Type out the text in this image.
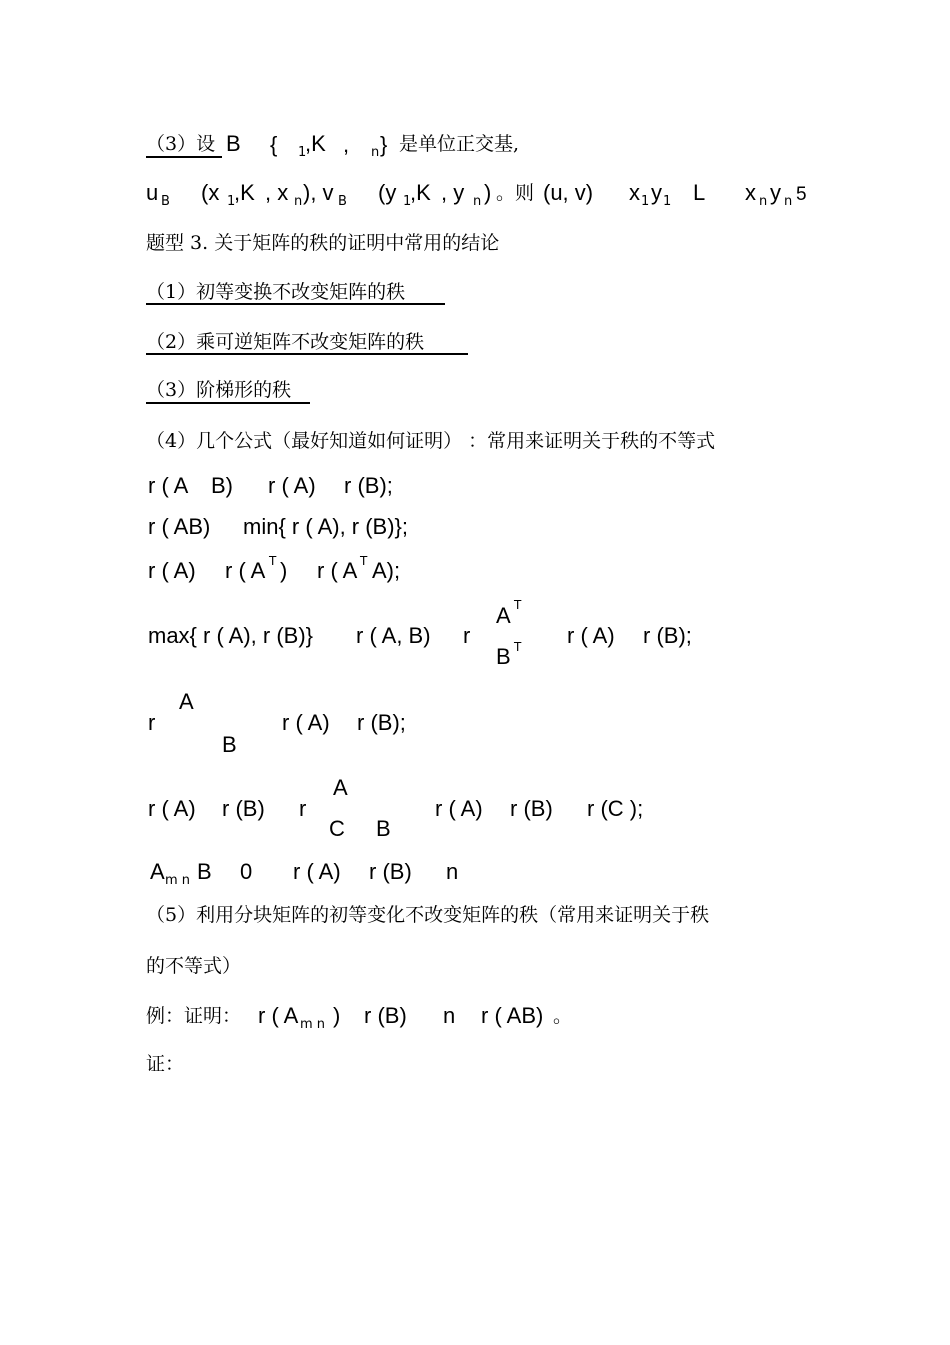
（3）设 B { 1
,K , n } 是单位正交基,
u B (x 1
,K , x n ), v B (y 1
,K , y n ) 。则 (u, v) x 1 y 1 L x n y n 5
题型 3. 关于矩阵的秩的证明中常用的结论
（1）初等变换不改变矩阵的秩
（2）乘可逆矩阵不改变矩阵的秩
（3）阶梯形的秩
（4）几个公式（最好知道如何证明） ：常用来证明关于秩的不等式
r ( A B) r ( A) r (B);
r ( AB) min{ r ( A), r (B)};
r ( A) r ( A T ) r ( A T A);
max{ r ( A), r (B)} r ( A, B) r
A T
B T r ( A) r (B);
r
A
B
r ( A) r (B);
r ( A) r (B) r
A
C B
r ( A) r (B) r (C );
A m n B 0 r ( A) r (B) n
（5）利用分块矩阵的初等变化不改变矩阵的秩（常用来证明关于秩
的不等式）
例：证明： r ( A m n ) r (B) n r ( AB) 。
证：
